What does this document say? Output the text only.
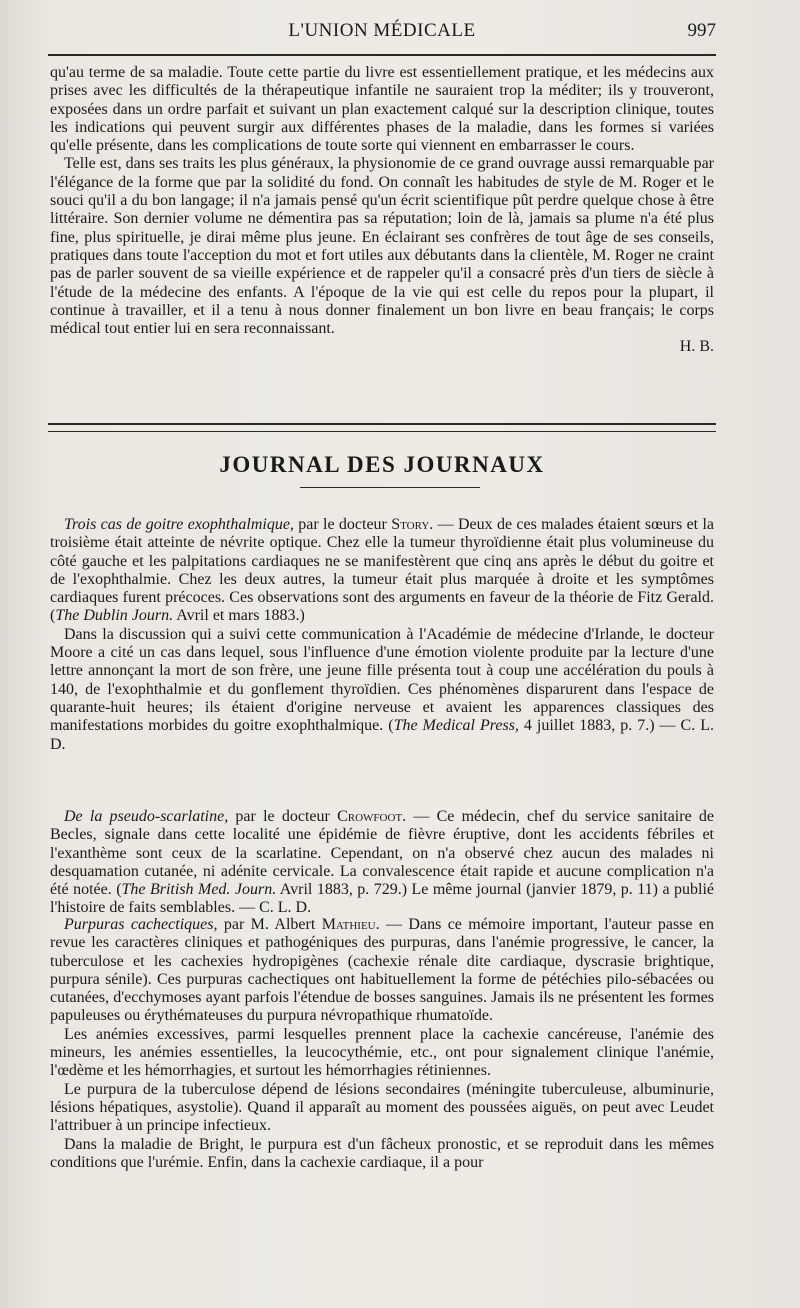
L'UNION MÉDICALE	997

qu'au terme de sa maladie. Toute cette partie du livre est essentiellement pratique, et les médecins aux prises avec les difficultés de la thérapeutique infantile ne sauraient trop la méditer; ils y trouveront, exposées dans un ordre parfait et suivant un plan exactement calqué sur la description clinique, toutes les indications qui peuvent surgir aux différentes phases de la maladie, dans les formes si variées qu'elle présente, dans les complications de toute sorte qui viennent en embarrasser le cours.

Telle est, dans ses traits les plus généraux, la physionomie de ce grand ouvrage aussi remarquable par l'élégance de la forme que par la solidité du fond. On connaît les habitudes de style de M. Roger et le souci qu'il a du bon langage; il n'a jamais pensé qu'un écrit scientifique pût perdre quelque chose à être littéraire. Son dernier volume ne démentira pas sa réputation; loin de là, jamais sa plume n'a été plus fine, plus spirituelle, je dirai même plus jeune. En éclairant ses confrères de tout âge de ses conseils, pratiques dans toute l'acception du mot et fort utiles aux débutants dans la clientèle, M. Roger ne craint pas de parler souvent de sa vieille expérience et de rappeler qu'il a consacré près d'un tiers de siècle à l'étude de la médecine des enfants. A l'époque de la vie qui est celle du repos pour la plupart, il continue à travailler, et il a tenu à nous donner finalement un bon livre en beau français; le corps médical tout entier lui en sera reconnaissant.

H. B.

JOURNAL DES JOURNAUX

Trois cas de goitre exophthalmique, par le docteur Story. — Deux de ces malades étaient sœurs et la troisième était atteinte de névrite optique. Chez elle la tumeur thyroïdienne était plus volumineuse du côté gauche et les palpitations cardiaques ne se manifestèrent que cinq ans après le début du goitre et de l'exophthalmie. Chez les deux autres, la tumeur était plus marquée à droite et les symptômes cardiaques furent précoces. Ces observations sont des arguments en faveur de la théorie de Fitz Gerald. (The Dublin Journ. Avril et mars 1883.)

Dans la discussion qui a suivi cette communication à l'Académie de médecine d'Irlande, le docteur Moore a cité un cas dans lequel, sous l'influence d'une émotion violente produite par la lecture d'une lettre annonçant la mort de son frère, une jeune fille présenta tout à coup une accélération du pouls à 140, de l'exophthalmie et du gonflement thyroïdien. Ces phénomènes disparurent dans l'espace de quarante-huit heures; ils étaient d'origine nerveuse et avaient les apparences classiques des manifestations morbides du goitre exophthalmique. (The Medical Press, 4 juillet 1883, p. 7.) — C. L. D.

De la pseudo-scarlatine, par le docteur Crowfoot. — Ce médecin, chef du service sanitaire de Becles, signale dans cette localité une épidémie de fièvre éruptive, dont les accidents fébriles et l'exanthème sont ceux de la scarlatine. Cependant, on n'a observé chez aucun des malades ni desquamation cutanée, ni adénite cervicale. La convalescence était rapide et aucune complication n'a été notée. (The British Med. Journ. Avril 1883, p. 729.) Le même journal (janvier 1879, p. 11) a publié l'histoire de faits semblables. — C. L. D.

Purpuras cachectiques, par M. Albert Mathieu. — Dans ce mémoire important, l'auteur passe en revue les caractères cliniques et pathogéniques des purpuras, dans l'anémie progressive, le cancer, la tuberculose et les cachexies hydropigènes (cachexie rénale dite cardiaque, dyscrasie brightique, purpura sénile). Ces purpuras cachectiques ont habituellement la forme de pétéchies pilo-sébacées ou cutanées, d'ecchymoses ayant parfois l'étendue de bosses sanguines. Jamais ils ne présentent les formes papuleuses ou érythémateuses du purpura névropathique rhumatoïde.

Les anémies excessives, parmi lesquelles prennent place la cachexie cancéreuse, l'anémie des mineurs, les anémies essentielles, la leucocythémie, etc., ont pour signalement clinique l'anémie, l'œdème et les hémorrhagies, et surtout les hémorrhagies rétiniennes.

Le purpura de la tuberculose dépend de lésions secondaires (méningite tuberculeuse, albuminurie, lésions hépatiques, asystolie). Quand il apparaît au moment des poussées aiguës, on peut avec Leudet l'attribuer à un principe infectieux.

Dans la maladie de Bright, le purpura est d'un fâcheux pronostic, et se reproduit dans les mêmes conditions que l'urémie. Enfin, dans la cachexie cardiaque, il a pour
